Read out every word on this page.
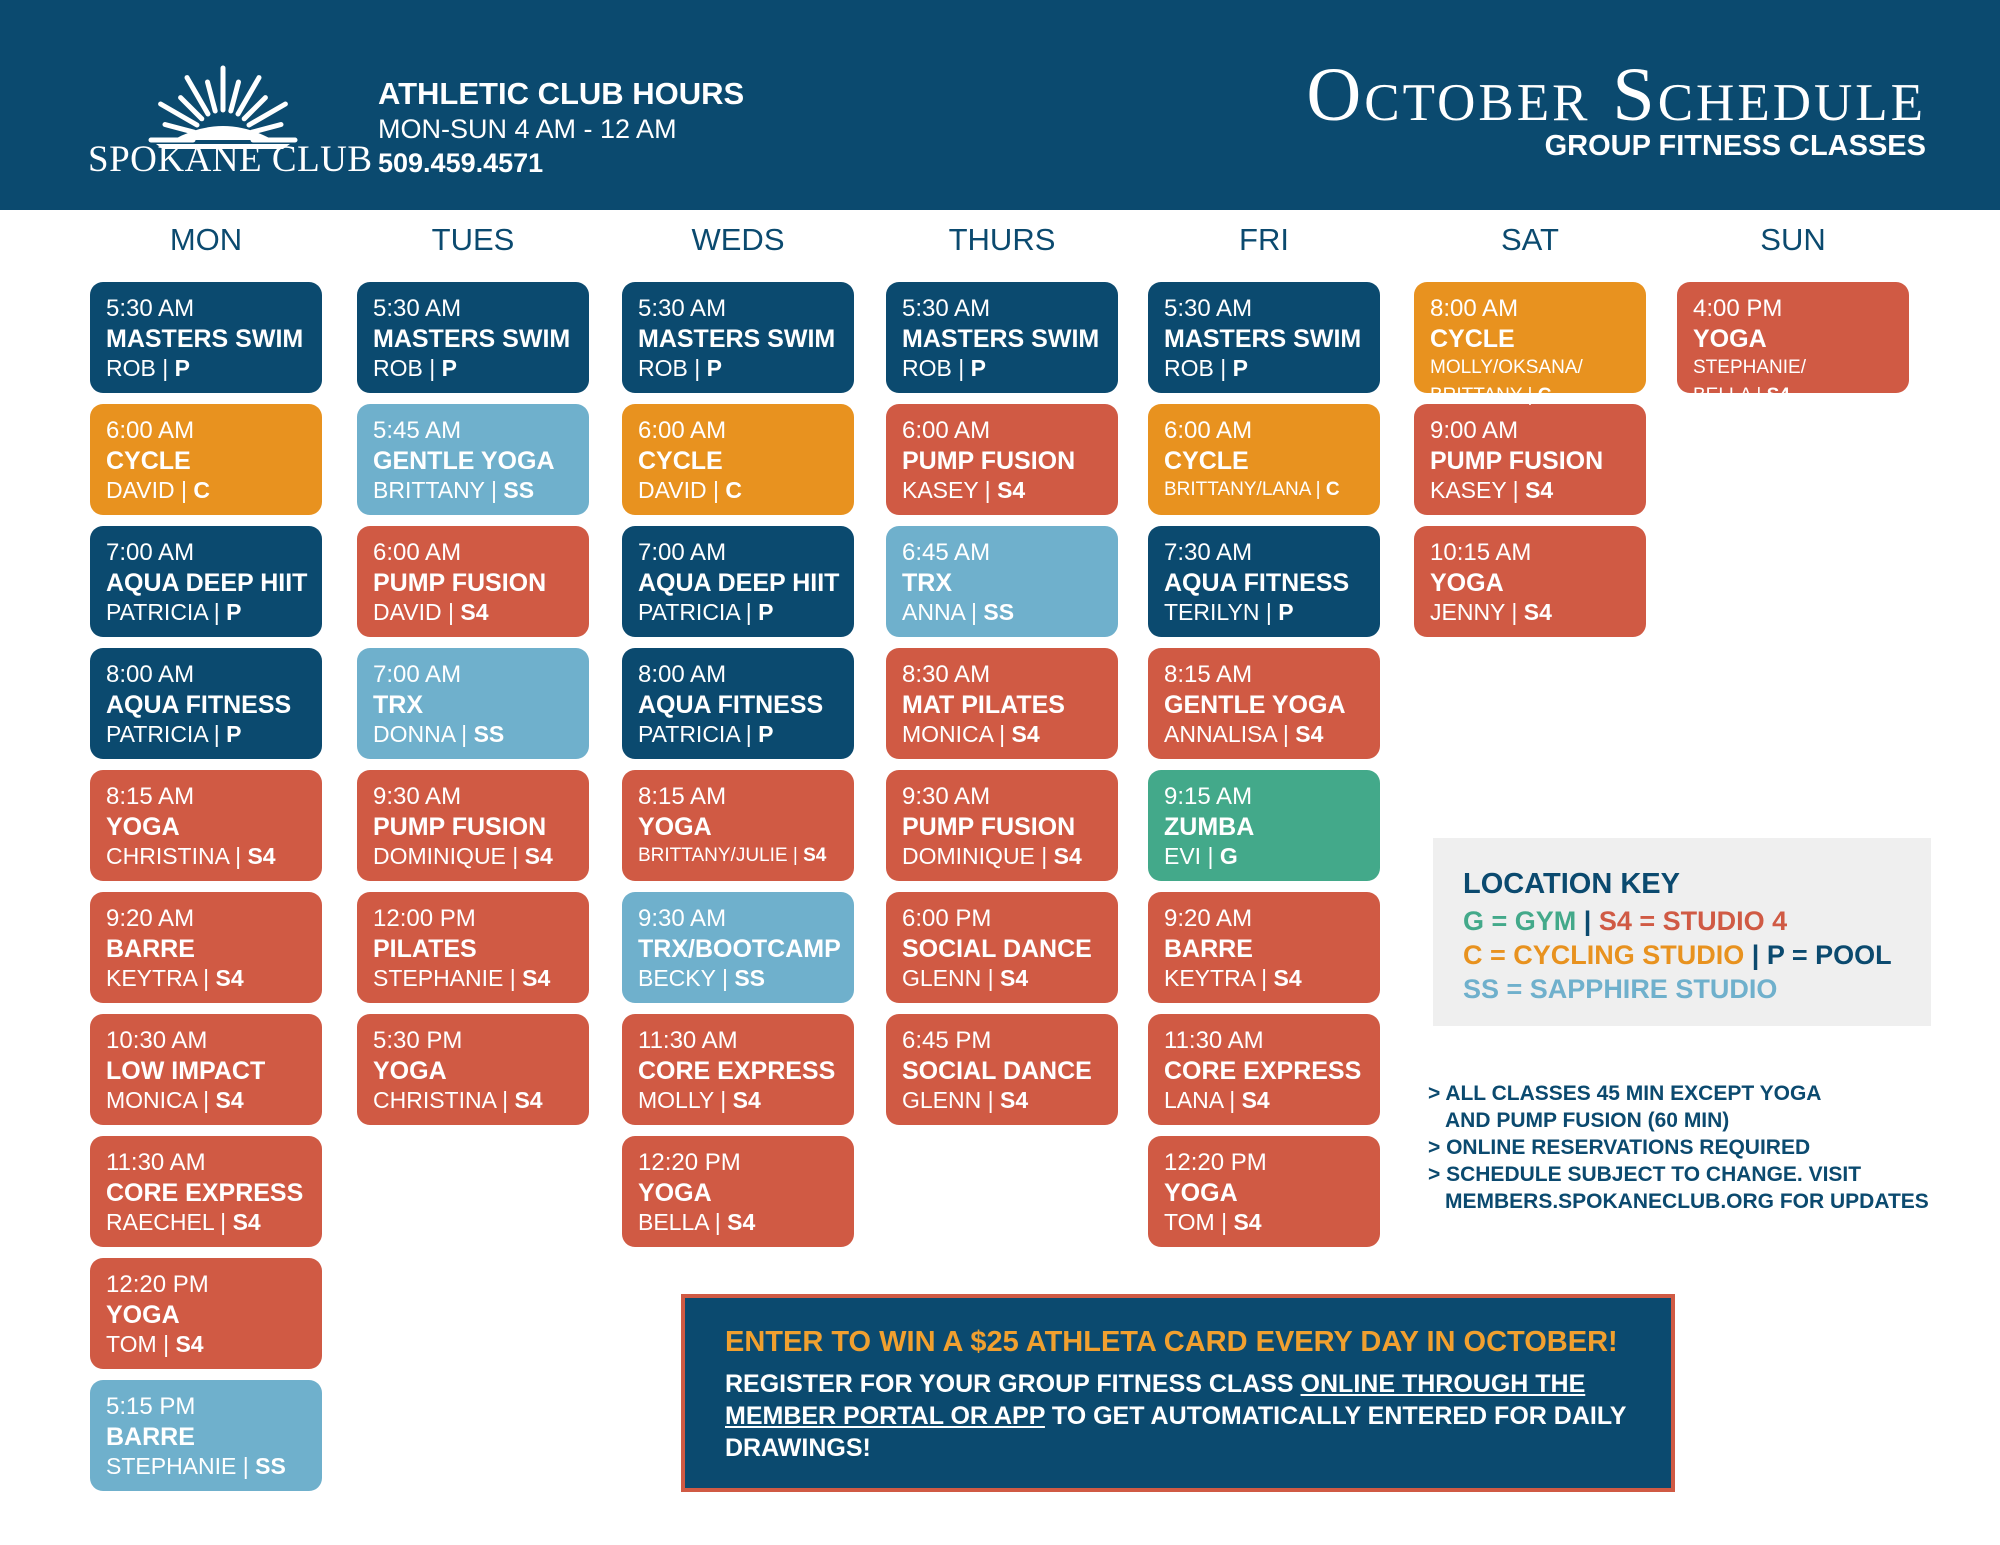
SPOKANE CLUB
ATHLETIC CLUB HOURS
MON-SUN 4 AM - 12 AM
509.459.4571
October Schedule
GROUP FITNESS CLASSES
MON
5:30 AM
MASTERS SWIM
ROB | P
6:00 AM
CYCLE
DAVID | C
7:00 AM
AQUA DEEP HIIT
PATRICIA | P
8:00 AM
AQUA FITNESS
PATRICIA | P
8:15 AM
YOGA
CHRISTINA | S4
9:20 AM
BARRE
KEYTRA | S4
10:30 AM
LOW IMPACT
MONICA | S4
11:30 AM
CORE EXPRESS
RAECHEL | S4
12:20 PM
YOGA
TOM | S4
5:15 PM
BARRE
STEPHANIE | SS
TUES
5:30 AM
MASTERS SWIM
ROB | P
5:45 AM
GENTLE YOGA
BRITTANY | SS
6:00 AM
PUMP FUSION
DAVID | S4
7:00 AM
TRX
DONNA | SS
9:30 AM
PUMP FUSION
DOMINIQUE | S4
12:00 PM
PILATES
STEPHANIE | S4
5:30 PM
YOGA
CHRISTINA | S4
WEDS
5:30 AM
MASTERS SWIM
ROB | P
6:00 AM
CYCLE
DAVID | C
7:00 AM
AQUA DEEP HIIT
PATRICIA | P
8:00 AM
AQUA FITNESS
PATRICIA | P
8:15 AM
YOGA
BRITTANY/JULIE | S4
9:30 AM
TRX/BOOTCAMP
BECKY | SS
11:30 AM
CORE EXPRESS
MOLLY | S4
12:20 PM
YOGA
BELLA | S4
THURS
5:30 AM
MASTERS SWIM
ROB | P
6:00 AM
PUMP FUSION
KASEY | S4
6:45 AM
TRX
ANNA | SS
8:30 AM
MAT PILATES
MONICA | S4
9:30 AM
PUMP FUSION
DOMINIQUE | S4
6:00 PM
SOCIAL DANCE
GLENN | S4
6:45 PM
SOCIAL DANCE
GLENN | S4
FRI
5:30 AM
MASTERS SWIM
ROB | P
6:00 AM
CYCLE
BRITTANY/LANA | C
7:30 AM
AQUA FITNESS
TERILYN | P
8:15 AM
GENTLE YOGA
ANNALISA | S4
9:15 AM
ZUMBA
EVI | G
9:20 AM
BARRE
KEYTRA | S4
11:30 AM
CORE EXPRESS
LANA | S4
12:20 PM
YOGA
TOM | S4
SAT
8:00 AM
CYCLE
MOLLY/OKSANA/
BRITTANY | C
9:00 AM
PUMP FUSION
KASEY | S4
10:15 AM
YOGA
JENNY | S4
SUN
4:00 PM
YOGA
STEPHANIE/
BELLA | S4
LOCATION KEY
G = GYM | S4 = STUDIO 4
C = CYCLING STUDIO | P = POOL
SS = SAPPHIRE STUDIO
> ALL CLASSES 45 MIN EXCEPT YOGA
AND PUMP FUSION (60 MIN)
> ONLINE RESERVATIONS REQUIRED
> SCHEDULE SUBJECT TO CHANGE. VISIT
MEMBERS.SPOKANECLUB.ORG FOR UPDATES
ENTER TO WIN A $25 ATHLETA CARD EVERY DAY IN OCTOBER!
REGISTER FOR YOUR GROUP FITNESS CLASS ONLINE THROUGH THE MEMBER PORTAL OR APP TO GET AUTOMATICALLY ENTERED FOR DAILY DRAWINGS!
